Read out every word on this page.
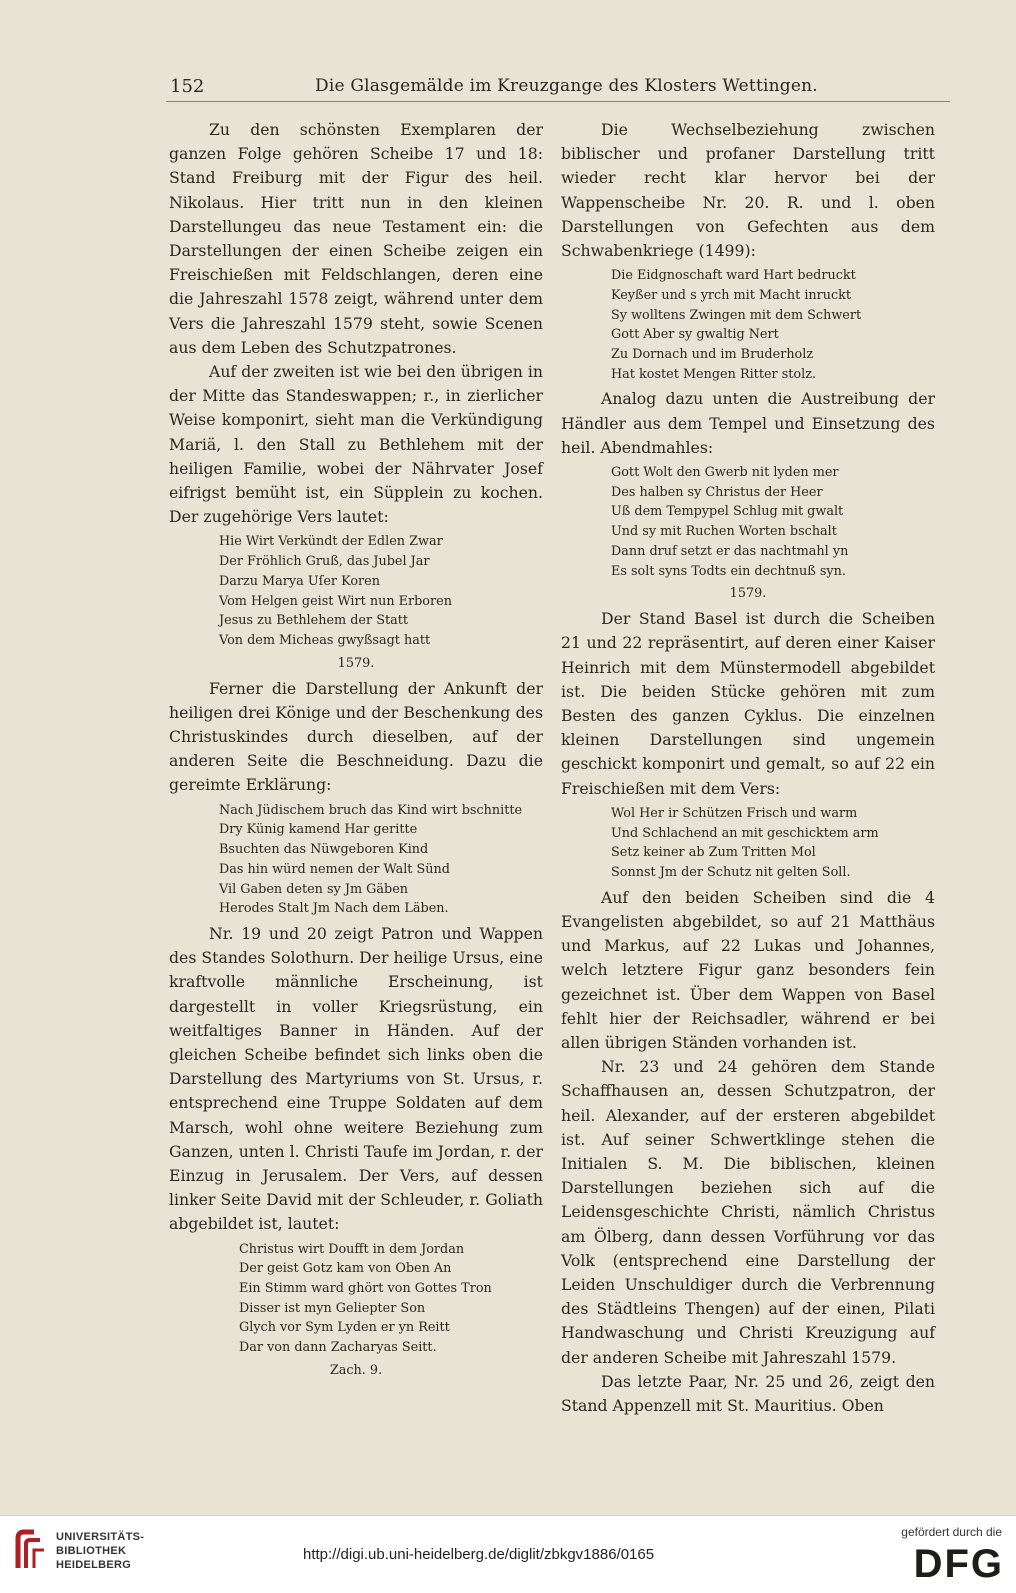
152	Die Glasgemälde im Kreuzgange des Klosters Wettingen.

Zu den schönsten Exemplaren der ganzen Folge gehören Scheibe 17 und 18: Stand Freiburg mit der Figur des heil. Nikolaus. Hier tritt nun in den kleinen Darstellungeu das neue Testament ein: die Darstellungen der einen Scheibe zeigen ein Freischießen mit Feldschlangen, deren eine die Jahreszahl 1578 zeigt, während unter dem Vers die Jahreszahl 1579 steht, sowie Scenen aus dem Leben des Schutzpatrones.

Auf der zweiten ist wie bei den übrigen in der Mitte das Standeswappen; r., in zierlicher Weise komponirt, sieht man die Verkündigung Mariä, l. den Stall zu Bethlehem mit der heiligen Familie, wobei der Nährvater Josef eifrigst bemüht ist, ein Süpplein zu kochen. Der zugehörige Vers lautet:

Hie Wirt Verkündt der Edlen Zwar
Der Fröhlich Gruß, das Jubel Jar
Darzu Marya Uſer Koren
Vom Helgen geist Wirt nun Erboren
Jesus zu Bethlehem der Statt
Von dem Micheas gwyßsagt hatt
1579.

Ferner die Darstellung der Ankunft der heiligen drei Könige und der Beschenkung des Christuskindes durch dieselben, auf der anderen Seite die Beschneidung. Dazu die gereimte Erklärung:

Nach Jüdischem bruch das Kind wirt bschnitte
Dry Künig kamend Har geritte
Bsuchten das Nüwgeboren Kind
Das hin würd nemen der Walt Sünd
Vil Gaben deten sy Jm Gäben
Herodes Stalt Jm Nach dem Läben.

Nr. 19 und 20 zeigt Patron und Wappen des Standes Solothurn. Der heilige Ursus, eine kraftvolle männliche Erscheinung, ist dargestellt in voller Kriegsrüstung, ein weitfaltiges Banner in Händen. Auf der gleichen Scheibe befindet sich links oben die Darstellung des Martyriums von St. Ursus, r. entsprechend eine Truppe Soldaten auf dem Marsch, wohl ohne weitere Beziehung zum Ganzen, unten l. Christi Taufe im Jordan, r. der Einzug in Jerusalem. Der Vers, auf dessen linker Seite David mit der Schleuder, r. Goliath abgebildet ist, lautet:

Christus wirt Doufft in dem Jordan
Der geist Gotz kam von Oben An
Ein Stimm ward ghört von Gottes Tron
Disser ist myn Geliepter Son
Glych vor Sym Lyden er yn Reitt
Dar von dann Zacharyas Seitt.
Zach. 9.

Die Wechselbeziehung zwischen biblischer und profaner Darstellung tritt wieder recht klar hervor bei der Wappenscheibe Nr. 20. R. und l. oben Darstellungen von Gefechten aus dem Schwabenkriege (1499):

Die Eidgnoschaft ward Hart bedruckt
Keyßer und s yrch mit Macht inruckt
Sy wolltens Zwingen mit dem Schwert
Gott Aber sy gwaltig Nert
Zu Dornach und im Bruderholz
Hat kostet Mengen Ritter stolz.

Analog dazu unten die Austreibung der Händler aus dem Tempel und Einsetzung des heil. Abendmahles:

Gott Wolt den Gwerb nit lyden mer
Des halben sy Christus der Heer
Uß dem Tempypel Schlug mit gwalt
Und sy mit Ruchen Worten bschalt
Dann druf setzt er das nachtmahl yn
Es solt syns Todts ein dechtnuß syn.
1579.

Der Stand Basel ist durch die Scheiben 21 und 22 repräsentirt, auf deren einer Kaiser Heinrich mit dem Münstermodell abgebildet ist. Die beiden Stücke gehören mit zum Besten des ganzen Cyklus. Die einzelnen kleinen Darstellungen sind ungemein geschickt komponirt und gemalt, so auf 22 ein Freischießen mit dem Vers:

Wol Her ir Schützen Frisch und warm
Und Schlachend an mit geschicktem arm
Setz keiner ab Zum Tritten Mol
Sonnst Jm der Schutz nit gelten Soll.

Auf den beiden Scheiben sind die 4 Evangelisten abgebildet, so auf 21 Matthäus und Markus, auf 22 Lukas und Johannes, welch letztere Figur ganz besonders fein gezeichnet ist. Über dem Wappen von Basel fehlt hier der Reichsadler, während er bei allen übrigen Ständen vorhanden ist.

Nr. 23 und 24 gehören dem Stande Schaffhausen an, dessen Schutzpatron, der heil. Alexander, auf der ersteren abgebildet ist. Auf seiner Schwertklinge stehen die Initialen S. M. Die biblischen, kleinen Darstellungen beziehen sich auf die Leidensgeschichte Christi, nämlich Christus am Ölberg, dann dessen Vorführung vor das Volk (entsprechend eine Darstellung der Leiden Unschuldiger durch die Verbrennung des Städtleins Thengen) auf der einen, Pilati Handwaschung und Christi Kreuzigung auf der anderen Scheibe mit Jahreszahl 1579.

Das letzte Paar, Nr. 25 und 26, zeigt den Stand Appenzell mit St. Mauritius. Oben

UNIVERSITÄTS-
BIBLIOTHEK
HEIDELBERG
http://digi.ub.uni-heidelberg.de/diglit/zbkgv1886/0165
gefördert durch die
DFG
